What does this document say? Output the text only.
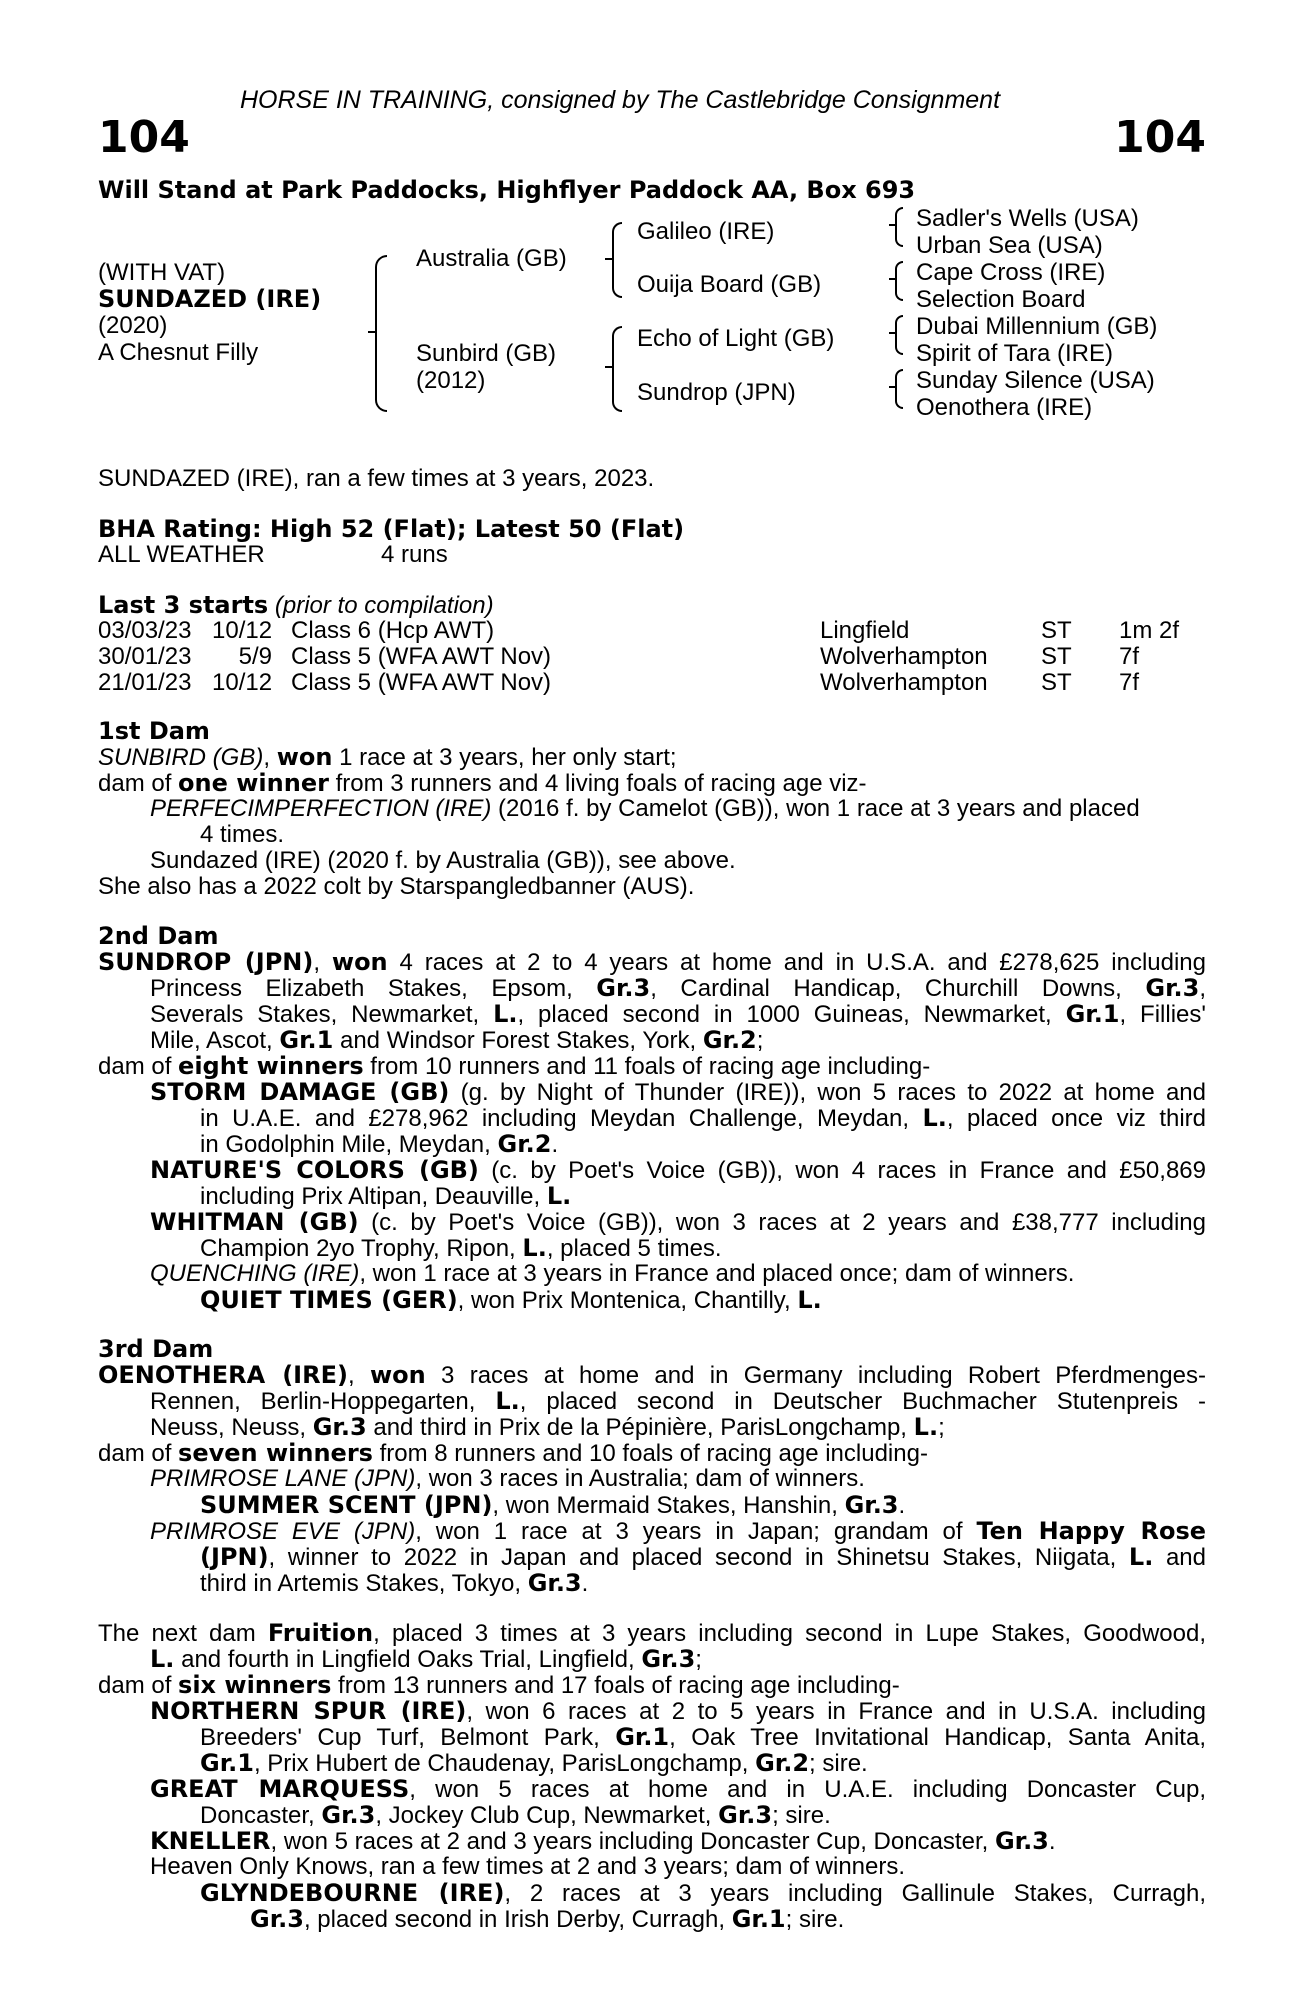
HORSE IN TRAINING, consigned by The Castlebridge Consignment
104	104
Will Stand at Park Paddocks, Highflyer Paddock AA, Box 693
(WITH VAT)
SUNDAZED (IRE)
(2020)
A Chesnut Filly
Australia (GB)
Sunbird (GB)
(2012)
Galileo (IRE)
Ouija Board (GB)
Echo of Light (GB)
Sundrop (JPN)
Sadler's Wells (USA)
Urban Sea (USA)
Cape Cross (IRE)
Selection Board
Dubai Millennium (GB)
Spirit of Tara (IRE)
Sunday Silence (USA)
Oenothera (IRE)
SUNDAZED (IRE), ran a few times at 3 years, 2023.
BHA Rating: High 52 (Flat); Latest 50 (Flat)
ALL WEATHER	4 runs
Last 3 starts (prior to compilation)
03/03/23 10/12 Class 6 (Hcp AWT)	Lingfield	ST 1m 2f
30/01/23	5/9 Class 5 (WFA AWT Nov)	Wolverhampton ST 7f
21/01/23 10/12 Class 5 (WFA AWT Nov)	Wolverhampton ST 7f
1st Dam
SUNBIRD (GB), won 1 race at 3 years, her only start;
dam of one winner from 3 runners and 4 living foals of racing age viz-
PERFECIMPERFECTION (IRE) (2016 f. by Camelot (GB)), won 1 race at 3 years and placed
4 times.
Sundazed (IRE) (2020 f. by Australia (GB)), see above.
She also has a 2022 colt by Starspangledbanner (AUS).
2nd Dam
SUNDROP (JPN), won 4 races at 2 to 4 years at home and in U.S.A. and £278,625 including
Princess Elizabeth Stakes, Epsom, Gr.3, Cardinal Handicap, Churchill Downs, Gr.3,
Severals Stakes, Newmarket, L., placed second in 1000 Guineas, Newmarket, Gr.1, Fillies'
Mile, Ascot, Gr.1 and Windsor Forest Stakes, York, Gr.2;
dam of eight winners from 10 runners and 11 foals of racing age including-
STORM DAMAGE (GB) (g. by Night of Thunder (IRE)), won 5 races to 2022 at home and
in U.A.E. and £278,962 including Meydan Challenge, Meydan, L., placed once viz third
in Godolphin Mile, Meydan, Gr.2.
NATURE'S COLORS (GB) (c. by Poet's Voice (GB)), won 4 races in France and £50,869
including Prix Altipan, Deauville, L.
WHITMAN (GB) (c. by Poet's Voice (GB)), won 3 races at 2 years and £38,777 including
Champion 2yo Trophy, Ripon, L., placed 5 times.
QUENCHING (IRE), won 1 race at 3 years in France and placed once; dam of winners.
QUIET TIMES (GER), won Prix Montenica, Chantilly, L.
3rd Dam
OENOTHERA (IRE), won 3 races at home and in Germany including Robert Pferdmenges-
Rennen, Berlin-Hoppegarten, L., placed second in Deutscher Buchmacher Stutenpreis -
Neuss, Neuss, Gr.3 and third in Prix de la Pépinière, ParisLongchamp, L.;
dam of seven winners from 8 runners and 10 foals of racing age including-
PRIMROSE LANE (JPN), won 3 races in Australia; dam of winners.
SUMMER SCENT (JPN), won Mermaid Stakes, Hanshin, Gr.3.
PRIMROSE EVE (JPN), won 1 race at 3 years in Japan; grandam of Ten Happy Rose
(JPN), winner to 2022 in Japan and placed second in Shinetsu Stakes, Niigata, L. and
third in Artemis Stakes, Tokyo, Gr.3.
The next dam Fruition, placed 3 times at 3 years including second in Lupe Stakes, Goodwood,
L. and fourth in Lingfield Oaks Trial, Lingfield, Gr.3;
dam of six winners from 13 runners and 17 foals of racing age including-
NORTHERN SPUR (IRE), won 6 races at 2 to 5 years in France and in U.S.A. including
Breeders' Cup Turf, Belmont Park, Gr.1, Oak Tree Invitational Handicap, Santa Anita,
Gr.1, Prix Hubert de Chaudenay, ParisLongchamp, Gr.2; sire.
GREAT MARQUESS, won 5 races at home and in U.A.E. including Doncaster Cup,
Doncaster, Gr.3, Jockey Club Cup, Newmarket, Gr.3; sire.
KNELLER, won 5 races at 2 and 3 years including Doncaster Cup, Doncaster, Gr.3.
Heaven Only Knows, ran a few times at 2 and 3 years; dam of winners.
GLYNDEBOURNE (IRE), 2 races at 3 years including Gallinule Stakes, Curragh,
Gr.3, placed second in Irish Derby, Curragh, Gr.1; sire.
